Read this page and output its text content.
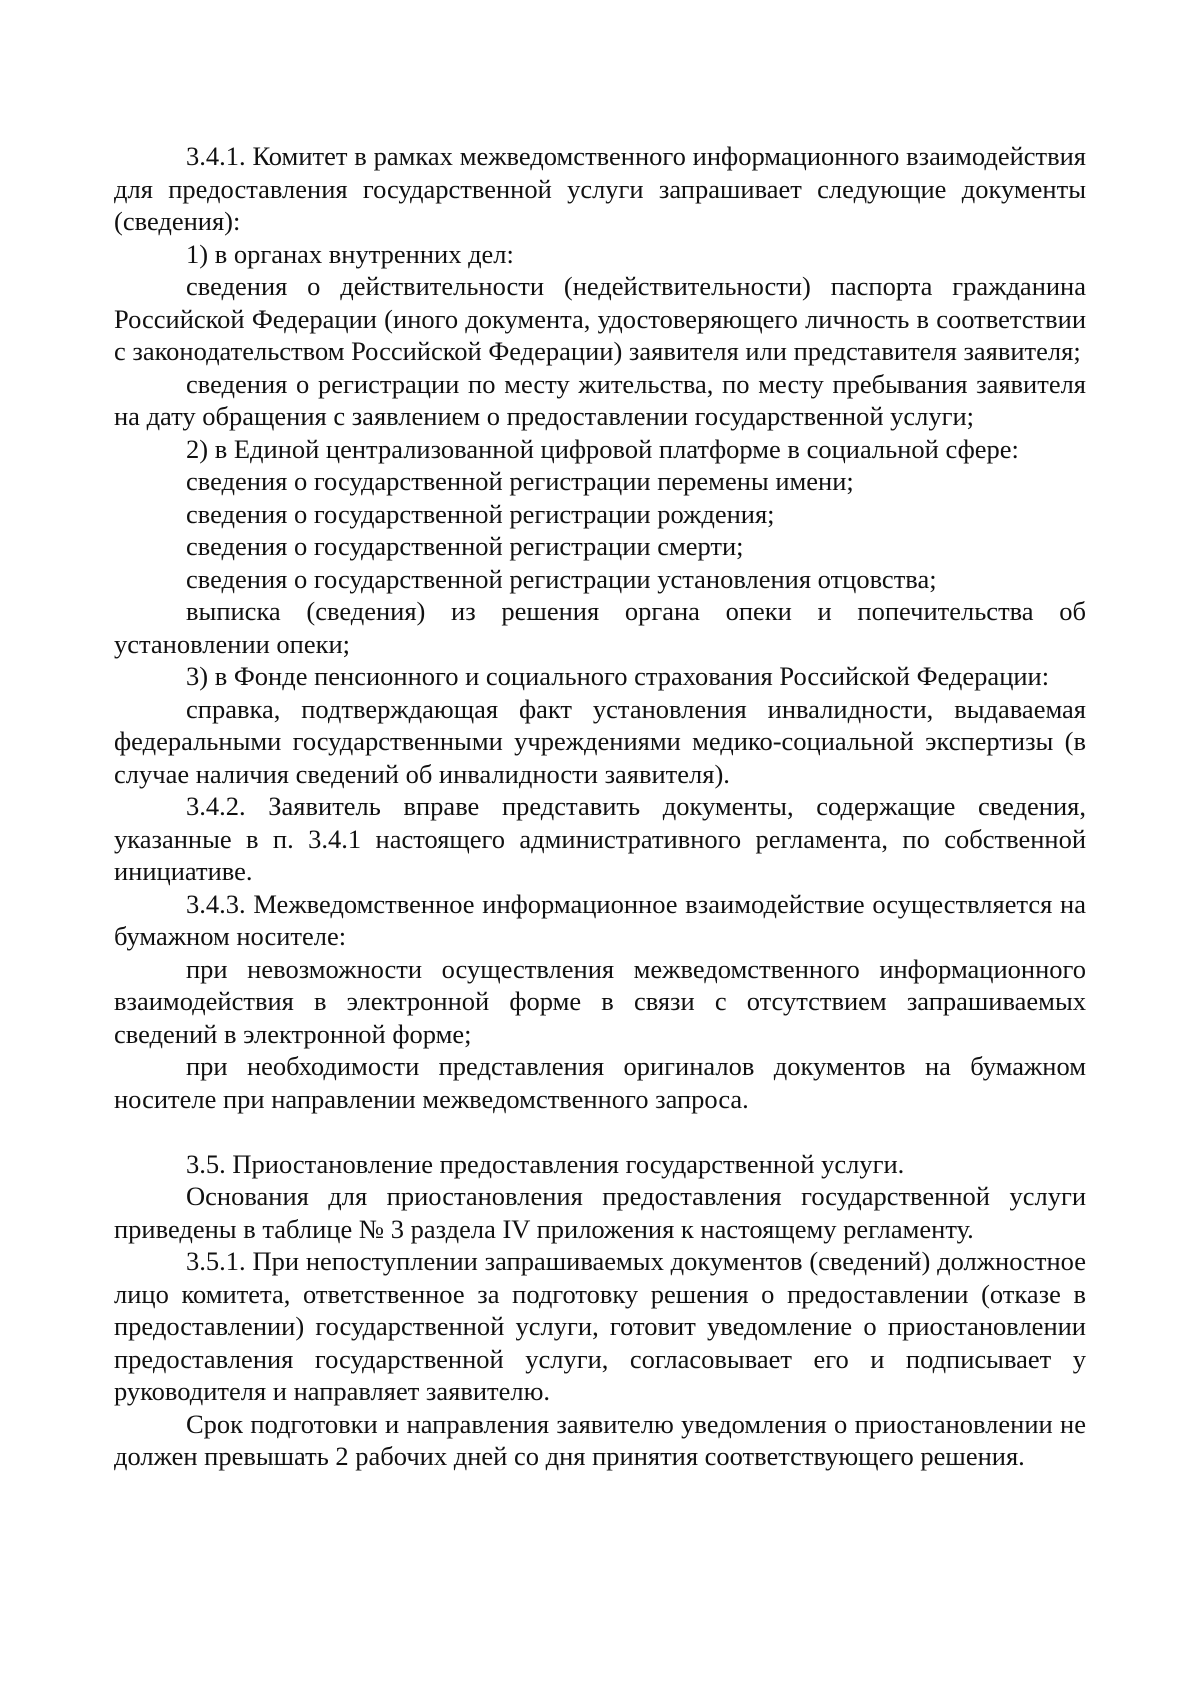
3.4.1. Комитет в рамках межведомственного информационного взаимодействия для предоставления государственной услуги запрашивает следующие документы (сведения):

1) в органах внутренних дел:

сведения о действительности (недействительности) паспорта гражданина Российской Федерации (иного документа, удостоверяющего личность в соответствии с законодательством Российской Федерации) заявителя или представителя заявителя;

сведения о регистрации по месту жительства, по месту пребывания заявителя на дату обращения с заявлением о предоставлении государственной услуги;

2) в Единой централизованной цифровой платформе в социальной сфере:

сведения о государственной регистрации перемены имени;

сведения о государственной регистрации рождения;

сведения о государственной регистрации смерти;

сведения о государственной регистрации установления отцовства;

выписка (сведения) из решения органа опеки и попечительства об установлении опеки;

3) в Фонде пенсионного и социального страхования Российской Федерации:

справка, подтверждающая факт установления инвалидности, выдаваемая федеральными государственными учреждениями медико-социальной экспертизы (в случае наличия сведений об инвалидности заявителя).

3.4.2. Заявитель вправе представить документы, содержащие сведения, указанные в п. 3.4.1 настоящего административного регламента, по собственной инициативе.

3.4.3. Межведомственное информационное взаимодействие осуществляется на бумажном носителе:

при невозможности осуществления межведомственного информационного взаимодействия в электронной форме в связи с отсутствием запрашиваемых сведений в электронной форме;

при необходимости представления оригиналов документов на бумажном носителе при направлении межведомственного запроса.

3.5. Приостановление предоставления государственной услуги.

Основания для приостановления предоставления государственной услуги приведены в таблице № 3 раздела IV приложения к настоящему регламенту.

3.5.1. При непоступлении запрашиваемых документов (сведений) должностное лицо комитета, ответственное за подготовку решения о предоставлении (отказе в предоставлении) государственной услуги, готовит уведомление о приостановлении предоставления государственной услуги, согласовывает его и подписывает у руководителя и направляет заявителю.

Срок подготовки и направления заявителю уведомления о приостановлении не должен превышать 2 рабочих дней со дня принятия соответствующего решения.
